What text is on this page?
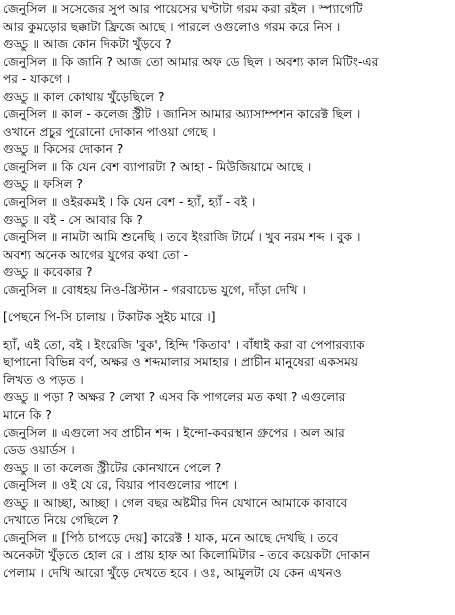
জেনুসিল ॥ সসেজের সুপ আর পায়েসের ঘণ্টাটা গরম করা রইল । স্প্যাগেটি
আর কুমড়োর ছক্কাটা ফ্রিজে আছে । পারলে ওগুলোও গরম করে নিস ।
গুড্ডু ॥ আজ কোন দিকটা খুঁড়বে ?
জেনুসিল ॥ কি জানি ? আজ তো আমার অফ ডে ছিল । অবশ্য কাল মিটিং-এর
পর - যাকগে ।
গুড্ডু ॥ কাল কোথায় খুঁড়েছিলে ?
জেনুসিল ॥ কাল - কলেজ স্ট্রীট । জানিস আমার অ্যাসাম্পশন কারেক্ট ছিল ।
ওখানে প্রচুর পুরোনো দোকান পাওয়া গেছে ।
গুড্ডু ॥ কিসের দোকান ?
জেনুসিল ॥ কি যেন বেশ ব্যাপারটা ? আহা - মিউজিয়ামে আছে ।
গুড্ডু ॥ ফসিল ?
জেনুসিল ॥ ওইরকমই । কি যেন বেশ - হ্যাঁ, হ্যাঁ - বই ।
গুড্ডু ॥ বই - সে আবার কি ?
জেনুসিল ॥ নামটা আমি শুনেছি । তবে ইংরাজি টার্মে । খুব নরম শব্দ । বুক ।
অবশ্য অনেক আগের যুগের কথা তো -
গুড্ডু ॥ কবেকার ?
জেনুসিল ॥ বোধহয় নিও-খ্রিস্টান - গরবাচেভ যুগে, দাঁড়া দেখি ।
[পেছনে পি-সি চালায় । টকাটক সুইচ মারে ।]
হ্যাঁ, এই তো, বই । ইংরেজি 'বুক', হিন্দি 'কিতাব' । বাঁধাই করা বা পেপারব্যাক
ছাপানো বিভিন্ন বর্ণ, অক্ষর ও শব্দমালার সমাহার । প্রাচীন মানুষেরা একসময়
লিখত ও পড়ত ।
গুড্ডু ॥ পড়া ? অক্ষর ? লেখা ? এসব কি পাগলের মত কথা ? এগুলোর
মানে কি ?
জেনুসিল ॥ এগুলো সব প্রাচীন শব্দ । ইন্দো-কবরস্থান গ্রুপের । অল আর
ডেড ওয়ার্ডস ।
গুড্ডু ॥ তা কলেজ স্ট্রীটের কোনখানে পেলে ?
জেনুসিল ॥ ওই যে রে, বিয়ার পাবগুলোর পাশে ।
গুড্ডু ॥ আচ্ছা, আচ্ছা । গেল বছর অষ্টমীর দিন যেখানে আমাকে কাবাবে
দেখাতে নিয়ে গেছিলে ?
জেনুসিল ॥ [পিঠ চাপড়ে দেয়] কারেক্ট ! যাক, মনে আছে দেখছি । তবে
অনেকটা খুঁড়তে হোল রে । প্রায় হাফ আ কিলোমিটার - তবে কয়েকটা দোকান
পেলাম । দেখি আরো খুঁড়ে দেখতে হবে । ওঃ, আমুলটা যে কেন এখনও
